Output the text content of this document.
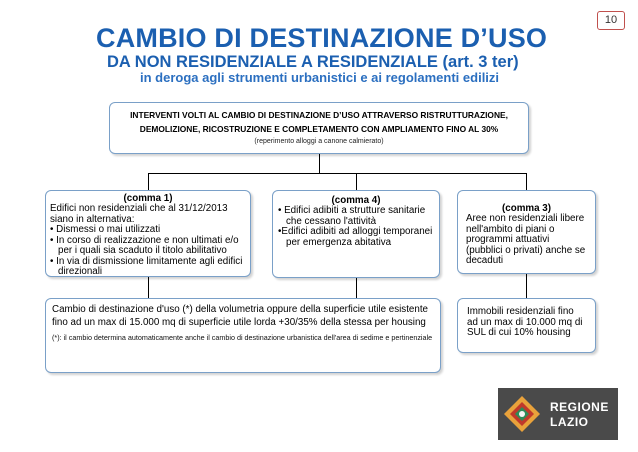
10
CAMBIO DI DESTINAZIONE D’USO
DA NON RESIDENZIALE A RESIDENZIALE (art. 3 ter)
in deroga agli strumenti urbanistici e ai regolamenti edilizi
INTERVENTI VOLTI AL CAMBIO DI DESTINAZIONE D’USO ATTRAVERSO RISTRUTTURAZIONE,
DEMOLIZIONE, RICOSTRUZIONE E COMPLETAMENTO CON AMPLIAMENTO FINO AL 30%
(reperimento alloggi a canone calmierato)
(comma 1)
Edifici non residenziali che al 31/12/2013 siano in alternativa:
• Dismessi o mai utilizzati
• In corso di realizzazione e non ultimati e/o per i quali sia scaduto il titolo abilitativo
• In via di dismissione limitamente agli edifici direzionali
(comma 4)
• Edifici adibiti a strutture sanitarie che cessano l'attività
•Edifici adibiti ad alloggi temporanei per emergenza abitativa
(comma 3)
Aree non residenziali libere nell'ambito di piani o programmi attuativi (pubblici o privati) anche se decaduti
Cambio di destinazione d'uso (*) della volumetria oppure della superficie utile esistente fino ad un max di 15.000 mq di superficie utile lorda +30/35% della stessa per housing
(*): il cambio determina automaticamente anche il cambio di destinazione urbanistica dell'area di sedime e pertinenziale
Immobili residenziali fino ad un max di 10.000 mq di SUL di cui 10% housing
REGIONE
LAZIO
